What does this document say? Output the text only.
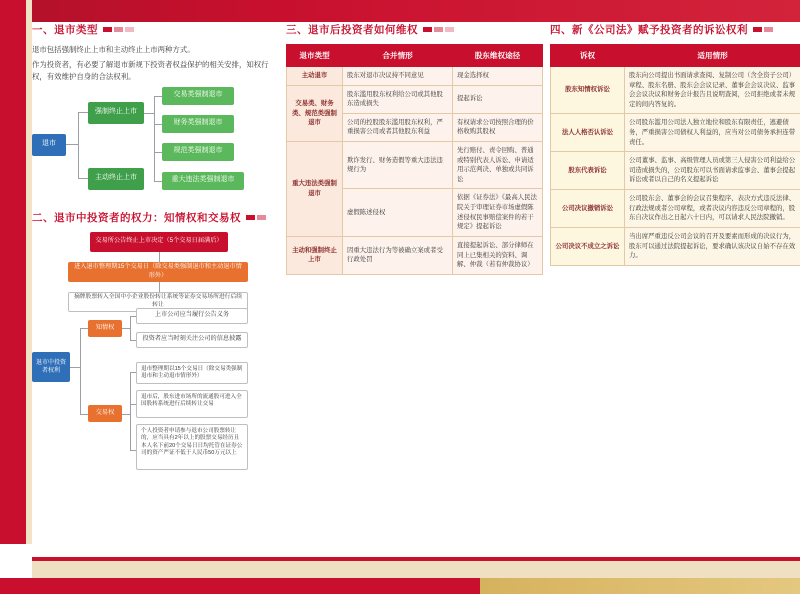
一、退市类型

退市包括强制终止上市和主动终止上市两种方式。

作为投资者，有必要了解退市新规下投资者权益保护的相关安排，知权行权，有效维护自身的合法权利。

退市
强制终止上市
主动终止上市
交易类强制退市
财务类强制退市
规范类强制退市
重大违法类强制退市
二、退市中投资者的权力：知情权和交易权
交易所公告终止上市决定（5个交易日届满后）
进入退市整理期15个交易日（除交易类强制退市和主动退市情形外）
摘牌股票转入全国中小企业股份转让系统等证券交易场所进行后续转让
退市中投资者权利
知情权
交易权
上市公司应当履行公告义务
投资者应当时刻关注公司的信息披露
退市整理期以15个交易日（除交易类强制退市和主动退市情形外）
退市后，股东进市场所的流通股可进入全国股转系统进行后续转让交易
个人投资者申请参与退市公司股票转让的，应当具有2年以上的股票交易经历且本人名下前20个交易日日均托管在证券公司的资产严证不低于人民币50万元以上
三、退市后投资者如何维权
退市类型	合并情形	股东维权途径
主动退市	股东对退市决议持不同意见	现金选择权
交易类、财务类、规范类强制退市	股东滥用股东权利给公司或其他股东造成损失	提起诉讼
	公司的控股股东滥用股东权利，严重损害公司或者其他股东利益	有权请求公司按照合理的价格收购其股权
重大违法类强制退市	欺诈发行、财务造假等重大违法违规行为	先行赔付、责令回购、普通或特别代表人诉讼、申请适用示范判决、单独或共同诉讼
	虚假陈述侵权	依据《证券法》《最高人民法院关于审理证券市场虚假陈述侵权民事赔偿案件的若干规定》提起诉讼
主动和强制终止上市	因重大违法行为等被确立案或者受行政处罚	直接提起诉讼、部分律师在同上已集相关的资料、调解、仲裁（若有仲裁协议）
四、新《公司法》赋予投资者的诉讼权利
诉权	适用情形
股东知情权诉讼	股东向公司提出书面请求查阅、复制公司（含全资子公司）章程、股东名册、股东会会议记录、董事会会议决议、监事会会议决议和财务会计报告且说明查阅，公司拒绝或者未规定的间内答复的。
法人人格否认诉讼	公司股东滥用公司法人独立地位和股东有限责任，逃避债务，严重损害公司债权人利益的，应当对公司债务承担连带责任。
股东代表诉讼	公司董事、监事、高级管理人员或第三人侵害公司利益给公司造成损失的，公司股东可以书面请求监事会、董事会提起诉讼或者以自己的名义提起诉讼
公司决议撤销诉讼	公司股东会、董事会的会议召集程序、表决方式违反法律、行政法规或者公司章程，或者决议内容违反公司章程的，股东自决议作出之日起六十日内，可以请求人民法院撤销。
公司决议不成立之诉讼	当出席严重违反公司会议的召开及要素而形成的决议行为，股东可以通过法院提起诉讼，要求确认该决议自始不存在效力。
